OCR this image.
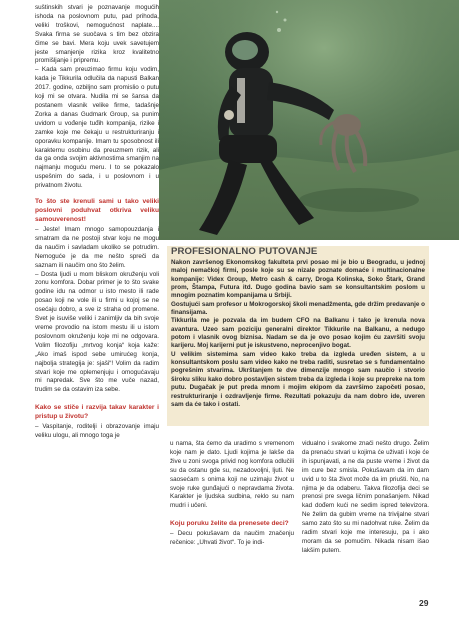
suštinskih stvari je poznavanje mogućih ishoda na poslovnom putu, pad prihoda, veliki troškovi, nemogućnost naplate.... Svaka firma se suočava s tim bez obzira čime se bavi. Mera koju uvek savetujem jeste smanjenje rizika kroz kvalitetno promišljanje i pripremu.

– Kada sam preuzimao firmu koju vodim, kada je Tikkurila odlučila da napusti Balkan 2017. godine, ozbiljno sam promislio o putu koji mi se otvara. Nudila mi se šansa da postanem vlasnik velike firme, tadašnje Zorka a danas Gudmark Group, sa punim uvidom u vođenje tuđih kompanija, rizike i zamke koje me čekaju u restrukturiranju i oporavku kompanije. Imam tu sposobnost ili karakternu osobinu da preuzmem rizik, ali da ga onda svojim aktivnostima smanjim na najmanju moguću meru. I to se pokazalo uspešnim do sada, i u poslovnom i u privatnom životu.

To što ste krenuli sami u tako veliki poslovni poduhvat otkriva veliku samouverenost!

– Jeste! Imam mnogo samopouzdanja i smatram da ne postoji stvar koju ne mogu da naučim i savladam ukoliko se potrudim. Nemoguće je da me nešto spreči da saznam ili naučim ono što želim.

– Dosta ljudi u mom bliskom okruženju voli zonu komfora. Dobar primer je to što svake godine idu na odmor u isto mesto ili rade posao koji ne vole ili u firmi u kojoj se ne osećaju dobro, a sve iz straha od promene. Svet je isuviše veliki i zanimljiv da bih svoje vreme provodio na istom mestu ili u istom poslovnom okruženju koje mi ne odgovara. Volim filozofiju „mrtvog konja“ koja kaže: „Ako imaš ispod sebe umirućeg konja, najbolja strategija je: sjaši“! Volim da radim stvari koje me oplemenjuju i omogućavaju mi napredak. Sve što me vuče nazad, trudim se da ostavim iza sebe.

Kako se stiče i razvija takav karakter i pristup u životu?

– Vaspitanje, roditelji i obrazovanje imaju veliku ulogu, ali mnogo toga je

PROFESIONALNO PUTOVANJE

Nakon završenog Ekonomskog fakulteta prvi posao mi je bio u Beogradu, u jednoj maloj nemačkoj firmi, posle koje su se nizale poznate domaće i multinacionalne kompanije: Videx Group, Metro cash & carry, Droga Kolinska, Soko Štark, Grand prom, Štampa, Futura itd. Dugo godina bavio sam se konsultantskim poslom u mnogim poznatim kompanijama u Srbiji.

Gostujući sam profesor u Mokrogorskoj školi menadžmenta, gde držim predavanje o finansijama.

Tikkurila me je pozvala da im budem CFO na Balkanu i tako je krenula nova avantura. Uzeo sam poziciju generalni direktor Tikkurile na Balkanu, a nedugo potom i vlasnik ovog biznisa. Nadam se da je ovo posao kojim ću završiti svoju karijeru. Moj karijerni put je iskustveno, neprocenjivo bogat.

U velikim sistemima sam video kako treba da izgleda uređen sistem, a u konsultantskom poslu sam video kako ne treba raditi, susretao se s fundamentalno pogrešnim stvarima. Ukrštanjem te dve dimenzije mnogo sam naučio i stvorio široku sliku kako dobro postavljen sistem treba da izgleda i koje su prepreke na tom putu. Dugačak je put preda mnom i mojim ekipom da završimo započeti posao, restrukturiranje i ozdravljenje firme. Rezultati pokazuju da nam dobro ide, uveren sam da će tako i ostati.

u nama, šta ćemo da uradimo s vremenom koje nam je dato. Ljudi kojima je lakše da žive u zoni svoga privid nog komfora odlučili su da ostanu gde su, nezadovoljni, ljuti. Ne saosećam s onima koji ne uzimaju život u svoje ruke gunđajući o nepravdama života. Karakter je ljudska sudbina, reklo su nam mudri i učeni.

Koju poruku želite da prenesete deci?

– Decu pokušavam da naučim značenju rečenice: „Uhvati život“. To je indi-

vidualno i svakome znači nešto drugo. Želim da prenaću stvari u kojima će uživati i koje će ih ispunjavati, a ne da puste vreme i život da im cure bez smisla. Pokušavam da im dam uvid u to šta život može da im priušti. No, na njima je da odaberu. Takva filozofija deci se prenosi pre svega ličnim ponašanjem. Nikad kad dođem kući ne sedim ispred televizora. Ne želim da gubim vreme na trivijalne stvari samo zato što su mi nadohvat ruke. Želim da radim stvari koje me interesuju, pa i ako moram da se pomučim. Nikada nisam išao lakšim putem.

29
